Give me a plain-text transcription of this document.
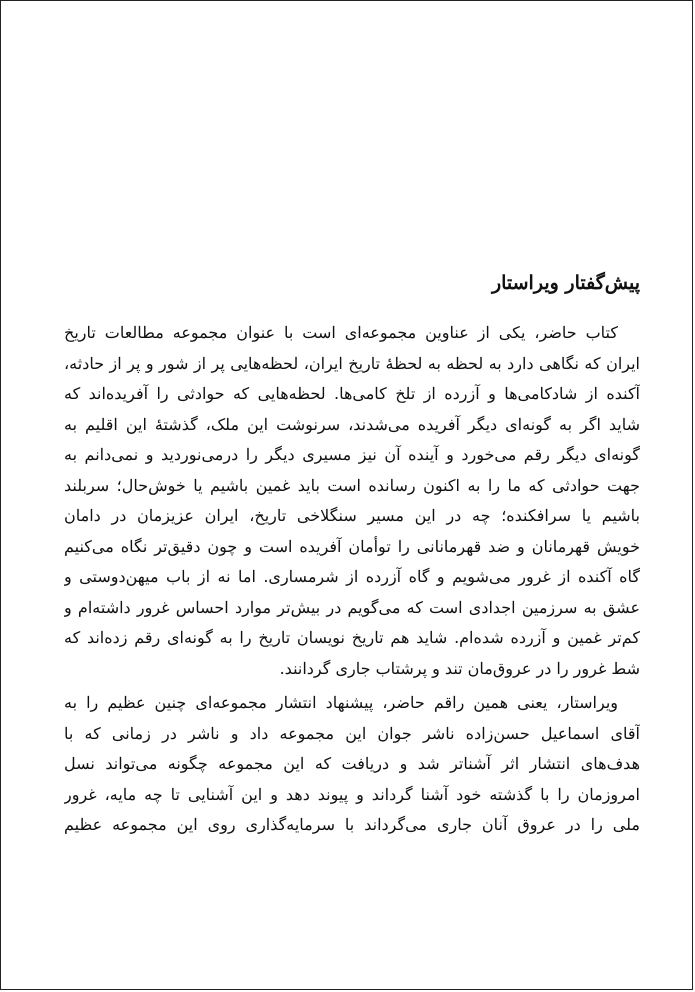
پیش‌گفتار ویراستار
کتاب حاضر، یکی از عناوین مجموعه‌ای است با عنوان مجموعه مطالعات تاریخ
ایران که نگاهی دارد به لحظه به لحظهٔ تاریخ ایران، لحظه‌هایی پر از شور و پر از حادثه،
آکنده از شادکامی‌ها و آزرده از تلخ کامی‌ها. لحظه‌هایی که حوادثی را آفریده‌اند که
شاید اگر به گونه‌ای دیگر آفریده می‌شدند، سرنوشت این ملک، گذشتهٔ این اقلیم به
گونه‌ای دیگر رقم می‌خورد و آینده آن نیز مسیری دیگر را درمی‌نوردید و نمی‌دانم به
جهت حوادثی که ما را به اکنون رسانده است باید غمین باشیم یا خوش‌حال؛ سربلند
باشیم یا سرافکنده؛ چه در این مسیر سنگلاخی تاریخ، ایران عزیزمان در دامان
خویش قهرمانان و ضد قهرمانانی را توأمان آفریده است و چون دقیق‌تر نگاه می‌کنیم
گاه آکنده از غرور می‌شویم و گاه آزرده از شرمساری. اما نه از باب میهن‌دوستی و
عشق به سرزمین اجدادی است که می‌گویم در بیش‌تر موارد احساس غرور داشته‌ام و
کم‌تر غمین و آزرده شده‌ام. شاید هم تاریخ نویسان تاریخ را به گونه‌ای رقم زده‌اند که
شط غرور را در عروق‌مان تند و پرشتاب جاری گردانند.
ویراستار، یعنی همین راقم حاضر، پیشنهاد انتشار مجموعه‌ای چنین عظیم را به
آقای اسماعیل حسن‌زاده ناشر جوان این مجموعه داد و ناشر در زمانی که با
هدف‌های انتشار اثر آشناتر شد و دریافت که این مجموعه چگونه می‌تواند نسل
امروزمان را با گذشته خود آشنا گرداند و پیوند دهد و این آشنایی تا چه مایه، غرور
ملی را در عروق آنان جاری می‌گرداند با سرمایه‌گذاری روی این مجموعه عظیم
